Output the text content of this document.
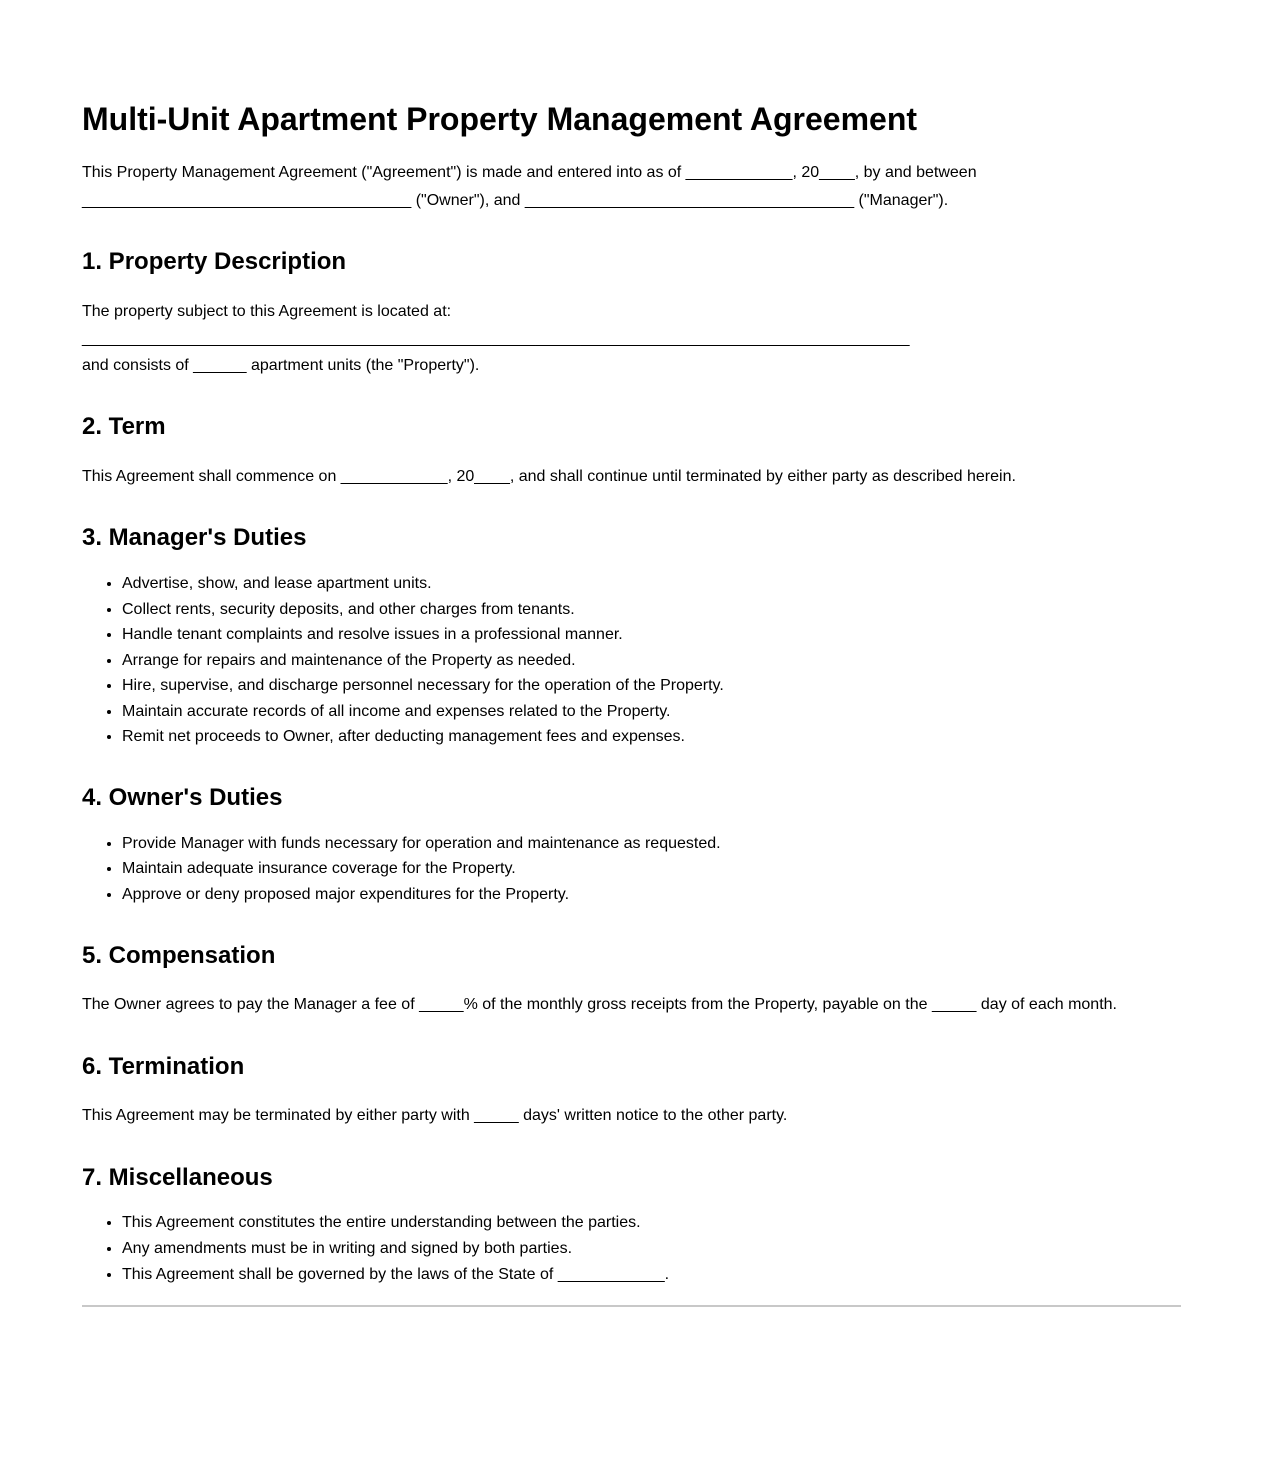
Multi-Unit Apartment Property Management Agreement
This Property Management Agreement ("Agreement") is made and entered into as of ____________, 20____, by and between
_____________________________________ ("Owner"), and _____________________________________ ("Manager").
1. Property Description
The property subject to this Agreement is located at:
_____________________________________________________________________________________________
and consists of ______ apartment units (the "Property").
2. Term
This Agreement shall commence on ____________, 20____, and shall continue until terminated by either party as described herein.
3. Manager's Duties
• Advertise, show, and lease apartment units.
• Collect rents, security deposits, and other charges from tenants.
• Handle tenant complaints and resolve issues in a professional manner.
• Arrange for repairs and maintenance of the Property as needed.
• Hire, supervise, and discharge personnel necessary for the operation of the Property.
• Maintain accurate records of all income and expenses related to the Property.
• Remit net proceeds to Owner, after deducting management fees and expenses.
4. Owner's Duties
• Provide Manager with funds necessary for operation and maintenance as requested.
• Maintain adequate insurance coverage for the Property.
• Approve or deny proposed major expenditures for the Property.
5. Compensation
The Owner agrees to pay the Manager a fee of _____% of the monthly gross receipts from the Property, payable on the _____ day of each month.
6. Termination
This Agreement may be terminated by either party with _____ days' written notice to the other party.
7. Miscellaneous
• This Agreement constitutes the entire understanding between the parties.
• Any amendments must be in writing and signed by both parties.
• This Agreement shall be governed by the laws of the State of ____________.
